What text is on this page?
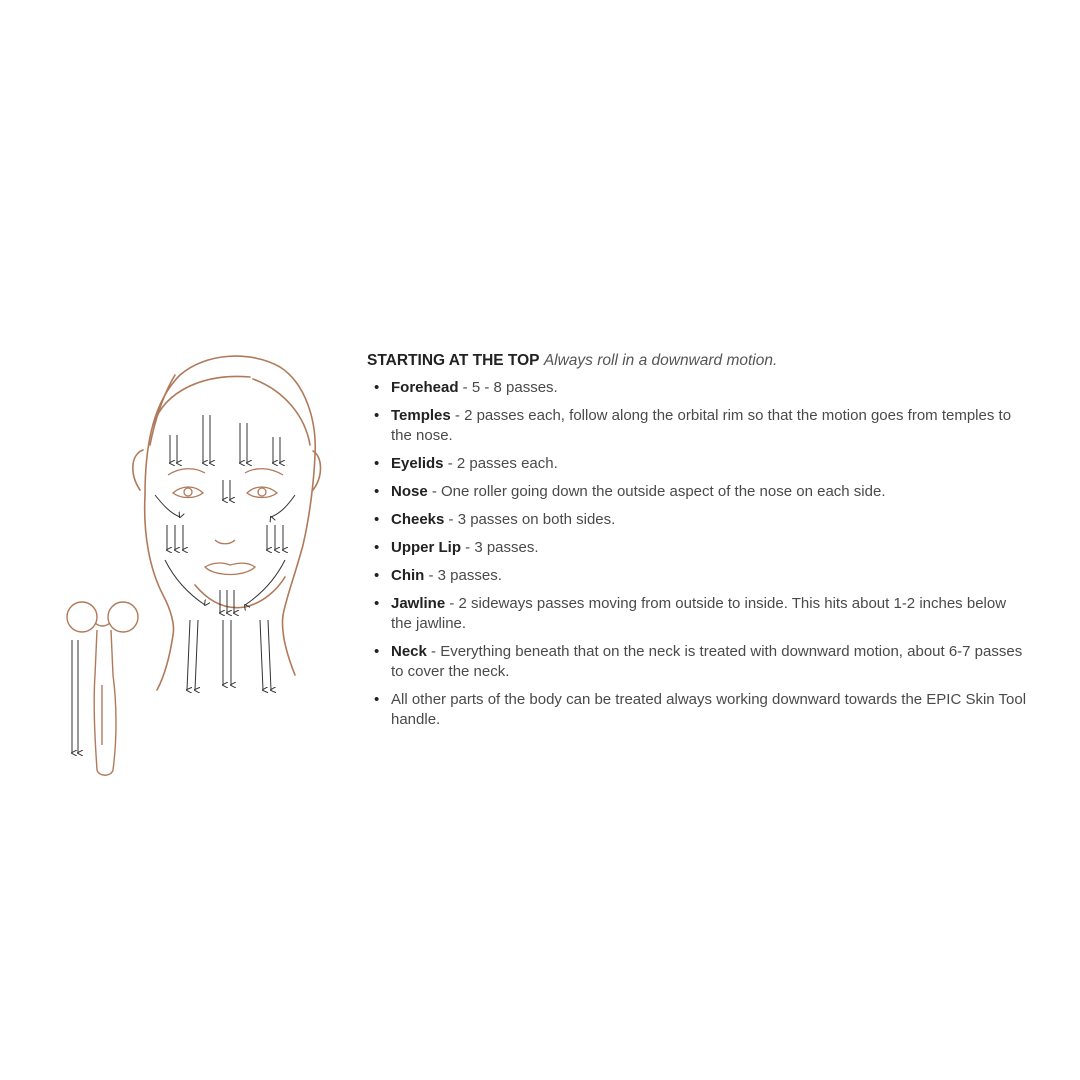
STARTING AT THE TOP Always roll in a downward motion.

• Forehead - 5 - 8 passes.
• Temples - 2 passes each, follow along the orbital rim so that the motion goes from temples to the nose.
• Eyelids - 2 passes each.
• Nose - One roller going down the outside aspect of the nose on each side.
• Cheeks - 3 passes on both sides.
• Upper Lip - 3 passes.
• Chin - 3 passes.
• Jawline - 2 sideways passes moving from outside to inside. This hits about 1-2 inches below the jawline.
• Neck - Everything beneath that on the neck is treated with downward motion, about 6-7 passes to cover the neck.
• All other parts of the body can be treated always working downward towards the EPIC Skin Tool handle.
